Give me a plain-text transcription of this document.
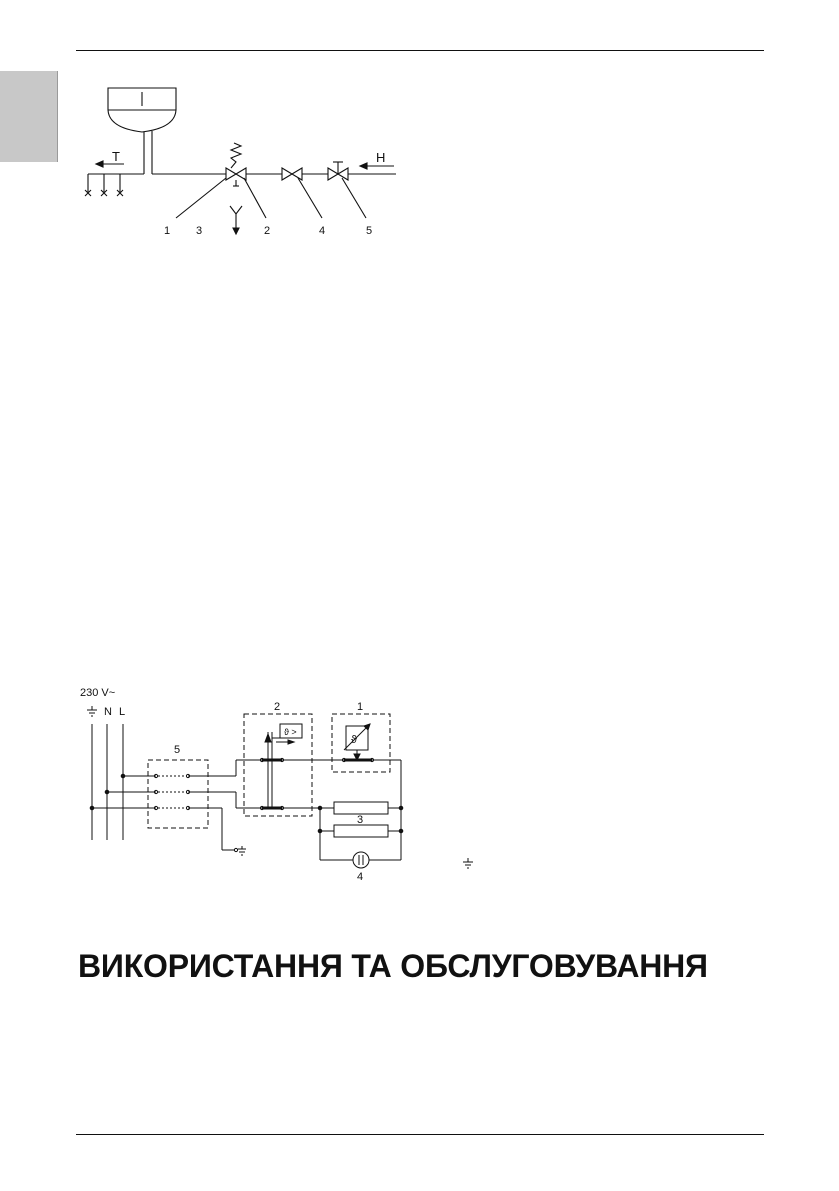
T	H
1 3	2	4	5
230 V~
N L
5
ϑ >
2
ϑ
1
3
4
ВИКОРИСТАННЯ ТА ОБСЛУГОВУВАННЯ
